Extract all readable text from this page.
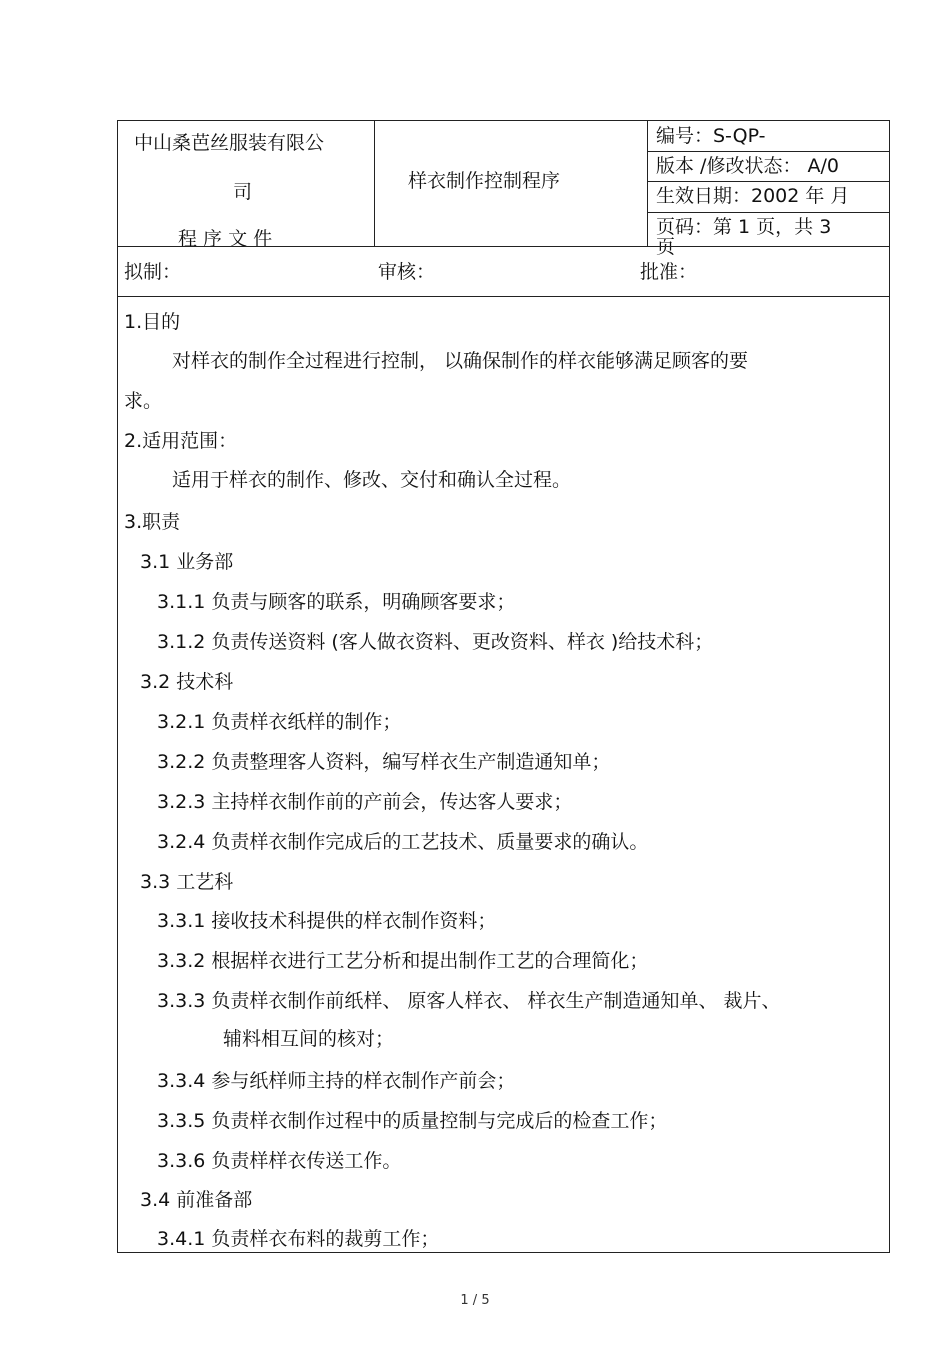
中山桑芭丝服装有限公
司
程 序 文 件
样衣制作控制程序
编号：S-QP-
版本 /修改状态： A/0
生效日期：2002 年 月
页码：第 1 页，共 3
页
拟制：	审核：	批准：
1.目的
对样衣的制作全过程进行控制， 以确保制作的样衣能够满足顾客的要
求。
2.适用范围：
适用于样衣的制作、修改、交付和确认全过程。
3.职责
3.1 业务部
3.1.1 负责与顾客的联系，明确顾客要求；
3.1.2 负责传送资料 (客人做衣资料、更改资料、样衣 )给技术科；
3.2 技术科
3.2.1 负责样衣纸样的制作；
3.2.2 负责整理客人资料，编写样衣生产制造通知单；
3.2.3 主持样衣制作前的产前会，传达客人要求；
3.2.4 负责样衣制作完成后的工艺技术、质量要求的确认。
3.3 工艺科
3.3.1 接收技术科提供的样衣制作资料；
3.3.2 根据样衣进行工艺分析和提出制作工艺的合理简化；
3.3.3 负责样衣制作前纸样、 原客人样衣、 样衣生产制造通知单、 裁片、
辅料相互间的核对；
3.3.4 参与纸样师主持的样衣制作产前会；
3.3.5 负责样衣制作过程中的质量控制与完成后的检查工作；
3.3.6 负责样样衣传送工作。
3.4 前准备部
3.4.1 负责样衣布料的裁剪工作；
1 / 5
